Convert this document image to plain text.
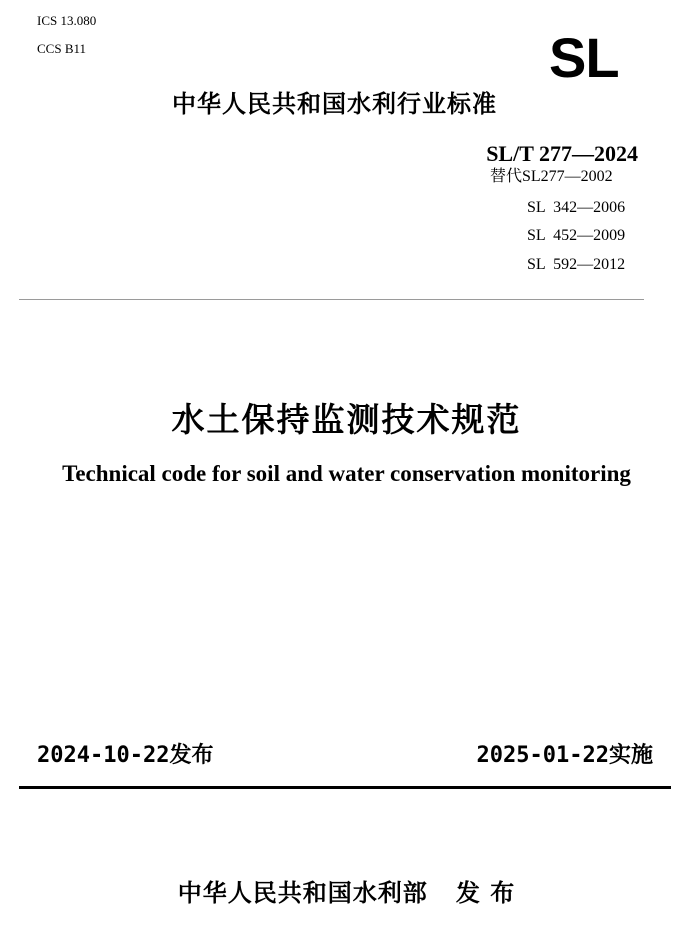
ICS 13.080
CCS B11	SL
中华人民共和国水利行业标准
SL/T 277—2024
替代SL277—2002
SL  342—2006
SL  452—2009
SL  592—2012
水土保持监测技术规范
Technical code for soil and water conservation monitoring
2024-10-22发布	2025-01-22实施
中华人民共和国水利部   发 布
